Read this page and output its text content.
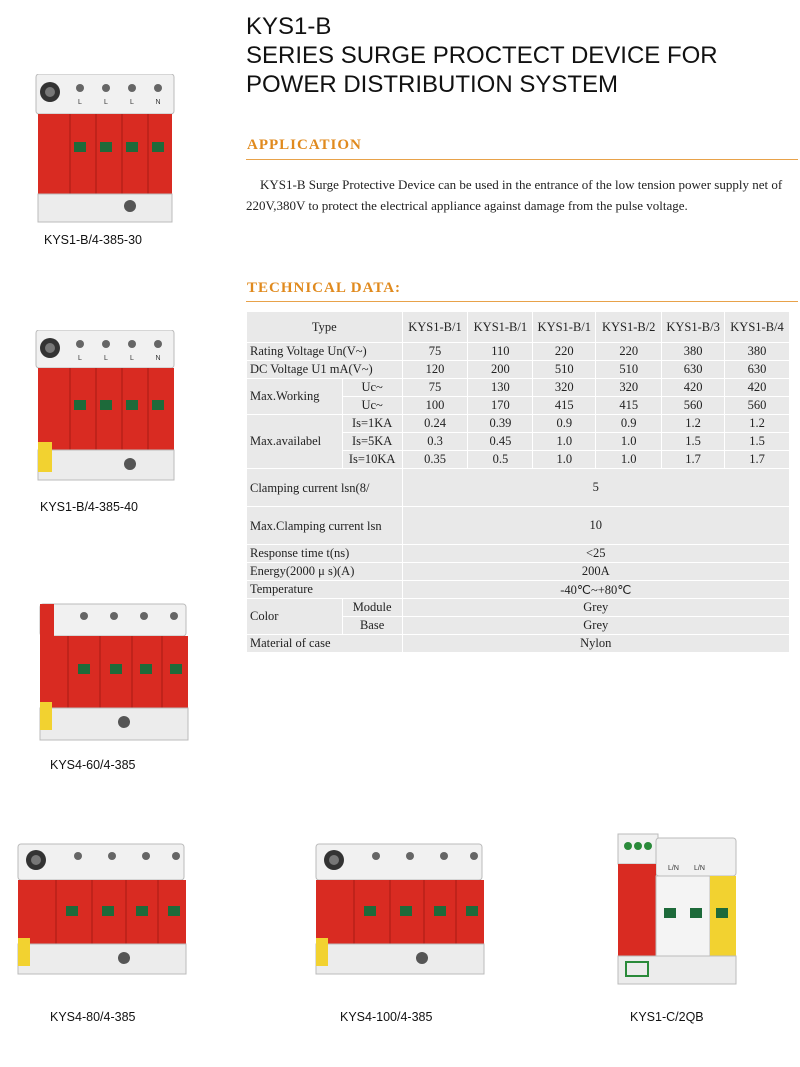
KYS1-B
SERIES SURGE PROCTECT DEVICE FOR
POWER DISTRIBUTION SYSTEM
APPLICATION
KYS1-B Surge Protective Device can be used in the entrance of the low tension power supply net of 220V,380V to protect the electrical appliance against damage from the pulse voltage.
TECHNICAL DATA:
Type		KYS1-B/1	KYS1-B/1	KYS1-B/1	KYS1-B/2	KYS1-B/3	KYS1-B/4
Rating Voltage Un(V~)		75	110	220	220	380	380
DC Voltage U1 mA(V~)		120	200	510	510	630	630
Max.Working	Uc~	75	130	320	320	420	420
	Uc~	100	170	415	415	560	560
Max.availabel	Is=1KA	0.24	0.39	0.9	0.9	1.2	1.2
	Is=5KA	0.3	0.45	1.0	1.0	1.5	1.5
	Is=10KA	0.35	0.5	1.0	1.0	1.7	1.7
Clamping current lsn(8/		5					
Max.Clamping current lsn		10					
Response time t(ns)		<25					
Energy(2000 μ s)(A)		200A					
Temperature		-40℃~+80℃					
Color	Module	Grey					
	Base	Grey					
Material of case		Nylon					
L	L	L	N
KYS1-B/4-385-30
L	L	L	N
KYS1-B/4-385-40
KYS4-60/4-385
KYS4-80/4-385	KYS4-100/4-385
L/N L/N
KYS1-C/2QB
